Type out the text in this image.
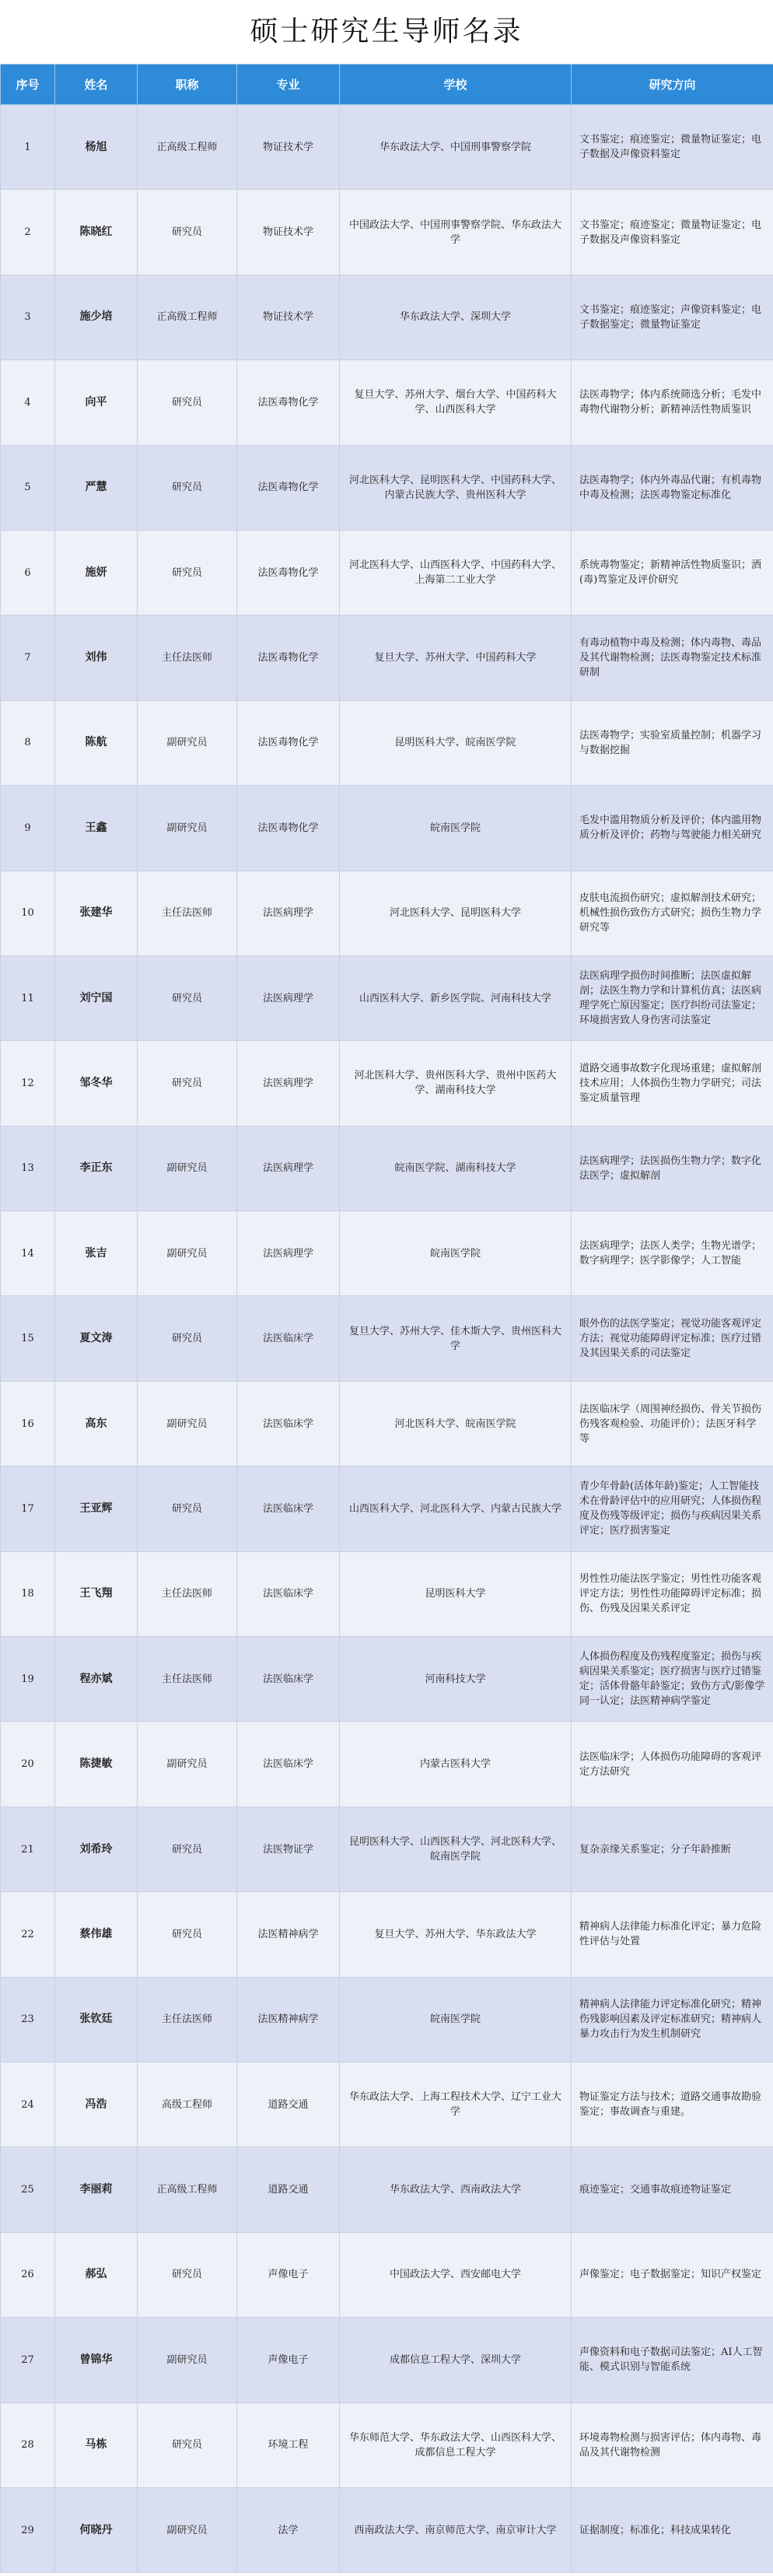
硕士研究生导师名录
序号	姓名	职称	专业	学校	研究方向
1	杨旭	正高级工程师	物证技术学	华东政法大学、中国刑事警察学院	文书鉴定；痕迹鉴定；微量物证鉴定；电子数据及声像资料鉴定
2	陈晓红	研究员	物证技术学	中国政法大学、中国刑事警察学院、华东政法大学	文书鉴定；痕迹鉴定；微量物证鉴定；电子数据及声像资料鉴定
3	施少培	正高级工程师	物证技术学	华东政法大学、深圳大学	文书鉴定；痕迹鉴定；声像资料鉴定；电子数据鉴定；微量物证鉴定
4	向平	研究员	法医毒物化学	复旦大学、苏州大学、烟台大学、中国药科大学、山西医科大学	法医毒物学；体内系统筛选分析；毛发中毒物代谢物分析；新精神活性物质鉴识
5	严慧	研究员	法医毒物化学	河北医科大学、昆明医科大学、中国药科大学、内蒙古民族大学、贵州医科大学	法医毒物学；体内外毒品代谢；有机毒物中毒及检测；法医毒物鉴定标准化
6	施妍	研究员	法医毒物化学	河北医科大学、山西医科大学、中国药科大学、上海第二工业大学	系统毒物鉴定；新精神活性物质鉴识；酒(毒)驾鉴定及评价研究
7	刘伟	主任法医师	法医毒物化学	复旦大学、苏州大学、中国药科大学	有毒动植物中毒及检测；体内毒物、毒品及其代谢物检测；法医毒物鉴定技术标准研制
8	陈航	副研究员	法医毒物化学	昆明医科大学、皖南医学院	法医毒物学；实验室质量控制；机器学习与数据挖掘
9	王鑫	副研究员	法医毒物化学	皖南医学院	毛发中滥用物质分析及评价；体内滥用物质分析及评价；药物与驾驶能力相关研究
10	张建华	主任法医师	法医病理学	河北医科大学、昆明医科大学	皮肤电流损伤研究；虚拟解剖技术研究；机械性损伤致伤方式研究；损伤生物力学研究等
11	刘宁国	研究员	法医病理学	山西医科大学、新乡医学院、河南科技大学	法医病理学损伤时间推断；法医虚拟解剖；法医生物力学和计算机仿真；法医病理学死亡原因鉴定；医疗纠纷司法鉴定；环境损害致人身伤害司法鉴定
12	邹冬华	研究员	法医病理学	河北医科大学、贵州医科大学、贵州中医药大学、湖南科技大学	道路交通事故数字化现场重建；虚拟解剖技术应用；人体损伤生物力学研究；司法鉴定质量管理
13	李正东	副研究员	法医病理学	皖南医学院、湖南科技大学	法医病理学；法医损伤生物力学；数字化法医学；虚拟解剖
14	张吉	副研究员	法医病理学	皖南医学院	法医病理学；法医人类学；生物光谱学；数字病理学；医学影像学；人工智能
15	夏文涛	研究员	法医临床学	复旦大学、苏州大学、佳木斯大学、贵州医科大学	眼外伤的法医学鉴定；视觉功能客观评定方法；视觉功能障碍评定标准；医疗过错及其因果关系的司法鉴定
16	高东	副研究员	法医临床学	河北医科大学、皖南医学院	法医临床学（周围神经损伤、骨关节损伤伤残客观检验、功能评价）；法医牙科学等
17	王亚辉	研究员	法医临床学	山西医科大学、河北医科大学、内蒙古民族大学	青少年骨龄(活体年龄)鉴定；人工智能技术在骨龄评估中的应用研究；人体损伤程度及伤残等级评定；损伤与疾病因果关系评定；医疗损害鉴定
18	王飞翔	主任法医师	法医临床学	昆明医科大学	男性性功能法医学鉴定；男性性功能客观评定方法；男性性功能障碍评定标准；损伤、伤残及因果关系评定
19	程亦斌	主任法医师	法医临床学	河南科技大学	人体损伤程度及伤残程度鉴定；损伤与疾病因果关系鉴定；医疗损害与医疗过错鉴定；活体骨骼年龄鉴定；致伤方式/影像学同一认定；法医精神病学鉴定
20	陈捷敏	副研究员	法医临床学	内蒙古医科大学	法医临床学；人体损伤功能障碍的客观评定方法研究
21	刘希玲	研究员	法医物证学	昆明医科大学、山西医科大学、河北医科大学、皖南医学院	复杂亲缘关系鉴定；分子年龄推断
22	蔡伟雄	研究员	法医精神病学	复旦大学、苏州大学、华东政法大学	精神病人法律能力标准化评定；暴力危险性评估与处置
23	张钦廷	主任法医师	法医精神病学	皖南医学院	精神病人法律能力评定标准化研究；精神伤残影响因素及评定标准研究；精神病人暴力攻击行为发生机制研究
24	冯浩	高级工程师	道路交通	华东政法大学、上海工程技术大学、辽宁工业大学	物证鉴定方法与技术；道路交通事故勘验鉴定；事故调查与重建。
25	李丽莉	正高级工程师	道路交通	华东政法大学、西南政法大学	痕迹鉴定；交通事故痕迹物证鉴定
26	郝弘	研究员	声像电子	中国政法大学、西安邮电大学	声像鉴定；电子数据鉴定；知识产权鉴定
27	曾锦华	副研究员	声像电子	成都信息工程大学、深圳大学	声像资料和电子数据司法鉴定；AI人工智能、模式识别与智能系统
28	马栋	研究员	环境工程	华东师范大学、华东政法大学、山西医科大学、成都信息工程大学	环境毒物检测与损害评估；体内毒物、毒品及其代谢物检测
29	何晓丹	副研究员	法学	西南政法大学、南京师范大学、南京审计大学	证据制度；标准化；科技成果转化
